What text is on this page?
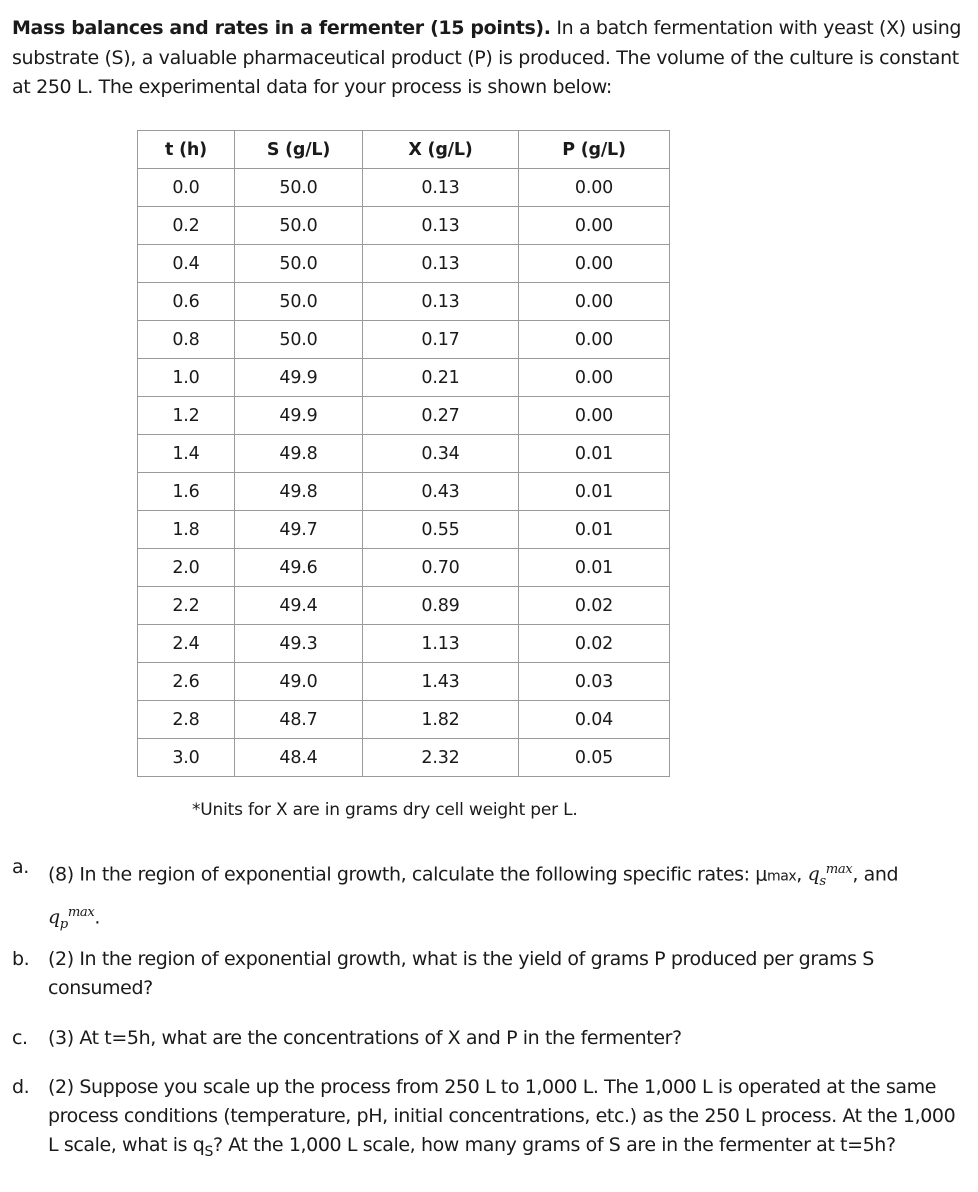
Mass balances and rates in a fermenter (15 points). In a batch fermentation with yeast (X) using substrate (S), a valuable pharmaceutical product (P) is produced. The volume of the culture is constant at 250 L. The experimental data for your process is shown below:

t (h)	S (g/L)	X (g/L)	P (g/L)
0.0	50.0	0.13	0.00
0.2	50.0	0.13	0.00
0.4	50.0	0.13	0.00
0.6	50.0	0.13	0.00
0.8	50.0	0.17	0.00
1.0	49.9	0.21	0.00
1.2	49.9	0.27	0.00
1.4	49.8	0.34	0.01
1.6	49.8	0.43	0.01
1.8	49.7	0.55	0.01
2.0	49.6	0.70	0.01
2.2	49.4	0.89	0.02
2.4	49.3	1.13	0.02
2.6	49.0	1.43	0.03
2.8	48.7	1.82	0.04
3.0	48.4	2.32	0.05
*Units for X are in grams dry cell weight per L.
a. (8) In the region of exponential growth, calculate the following specific rates: μmax, $q_s^{max}$, and
$q_p^{max}$.
b. (2) In the region of exponential growth, what is the yield of grams P produced per grams S consumed?
c. (3) At t=5h, what are the concentrations of X and P in the fermenter?
d. (2) Suppose you scale up the process from 250 L to 1,000 L. The 1,000 L is operated at the same process conditions (temperature, pH, initial concentrations, etc.) as the 250 L process. At the 1,000 L scale, what is $q_S$? At the 1,000 L scale, how many grams of S are in the fermenter at t=5h?
